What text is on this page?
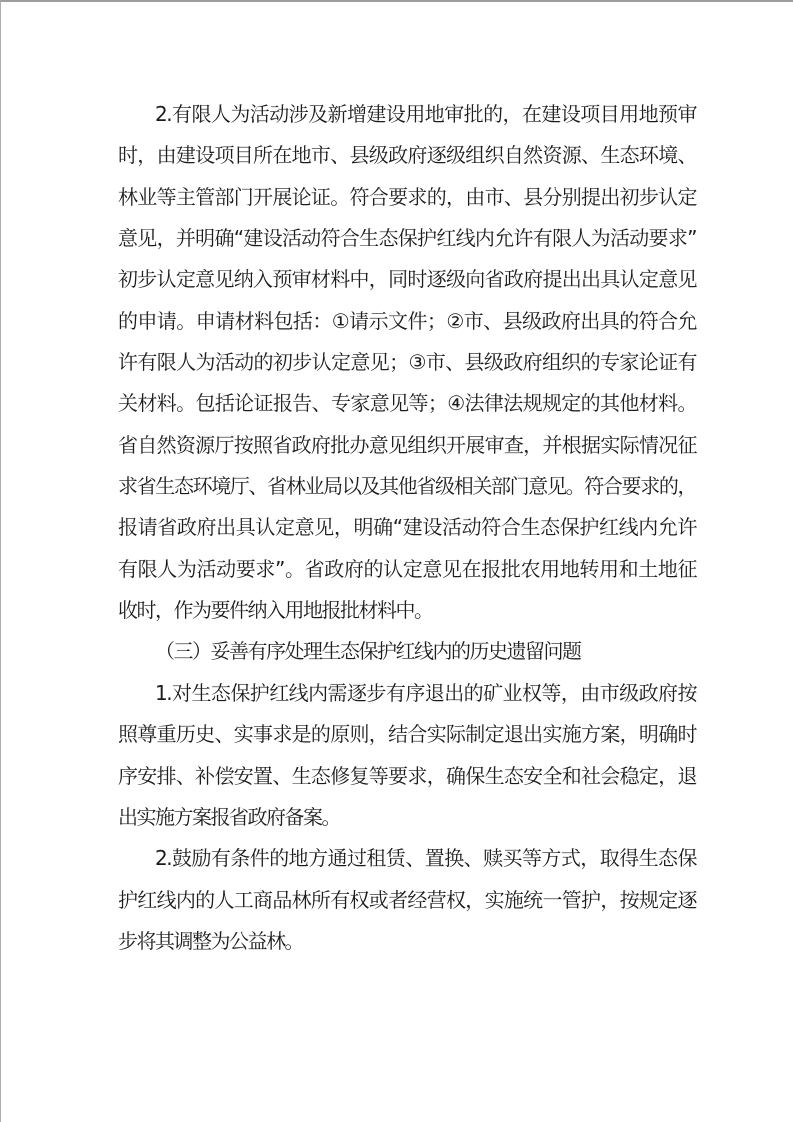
2.有限人为活动涉及新增建设用地审批的，在建设项目用地预审
时，由建设项目所在地市、县级政府逐级组织自然资源、生态环境、
林业等主管部门开展论证。符合要求的，由市、县分别提出初步认定
意见，并明确“建设活动符合生态保护红线内允许有限人为活动要求”
初步认定意见纳入预审材料中，同时逐级向省政府提出出具认定意见
的申请。申请材料包括：①请示文件；②市、县级政府出具的符合允
许有限人为活动的初步认定意见；③市、县级政府组织的专家论证有
关材料。包括论证报告、专家意见等；④法律法规规定的其他材料。
省自然资源厅按照省政府批办意见组织开展审查，并根据实际情况征
求省生态环境厅、省林业局以及其他省级相关部门意见。符合要求的，
报请省政府出具认定意见，明确“建设活动符合生态保护红线内允许
有限人为活动要求”。省政府的认定意见在报批农用地转用和土地征
收时，作为要件纳入用地报批材料中。
（三）妥善有序处理生态保护红线内的历史遗留问题
1.对生态保护红线内需逐步有序退出的矿业权等，由市级政府按
照尊重历史、实事求是的原则，结合实际制定退出实施方案，明确时
序安排、补偿安置、生态修复等要求，确保生态安全和社会稳定，退
出实施方案报省政府备案。
2.鼓励有条件的地方通过租赁、置换、赎买等方式，取得生态保
护红线内的人工商品林所有权或者经营权，实施统一管护，按规定逐
步将其调整为公益林。
